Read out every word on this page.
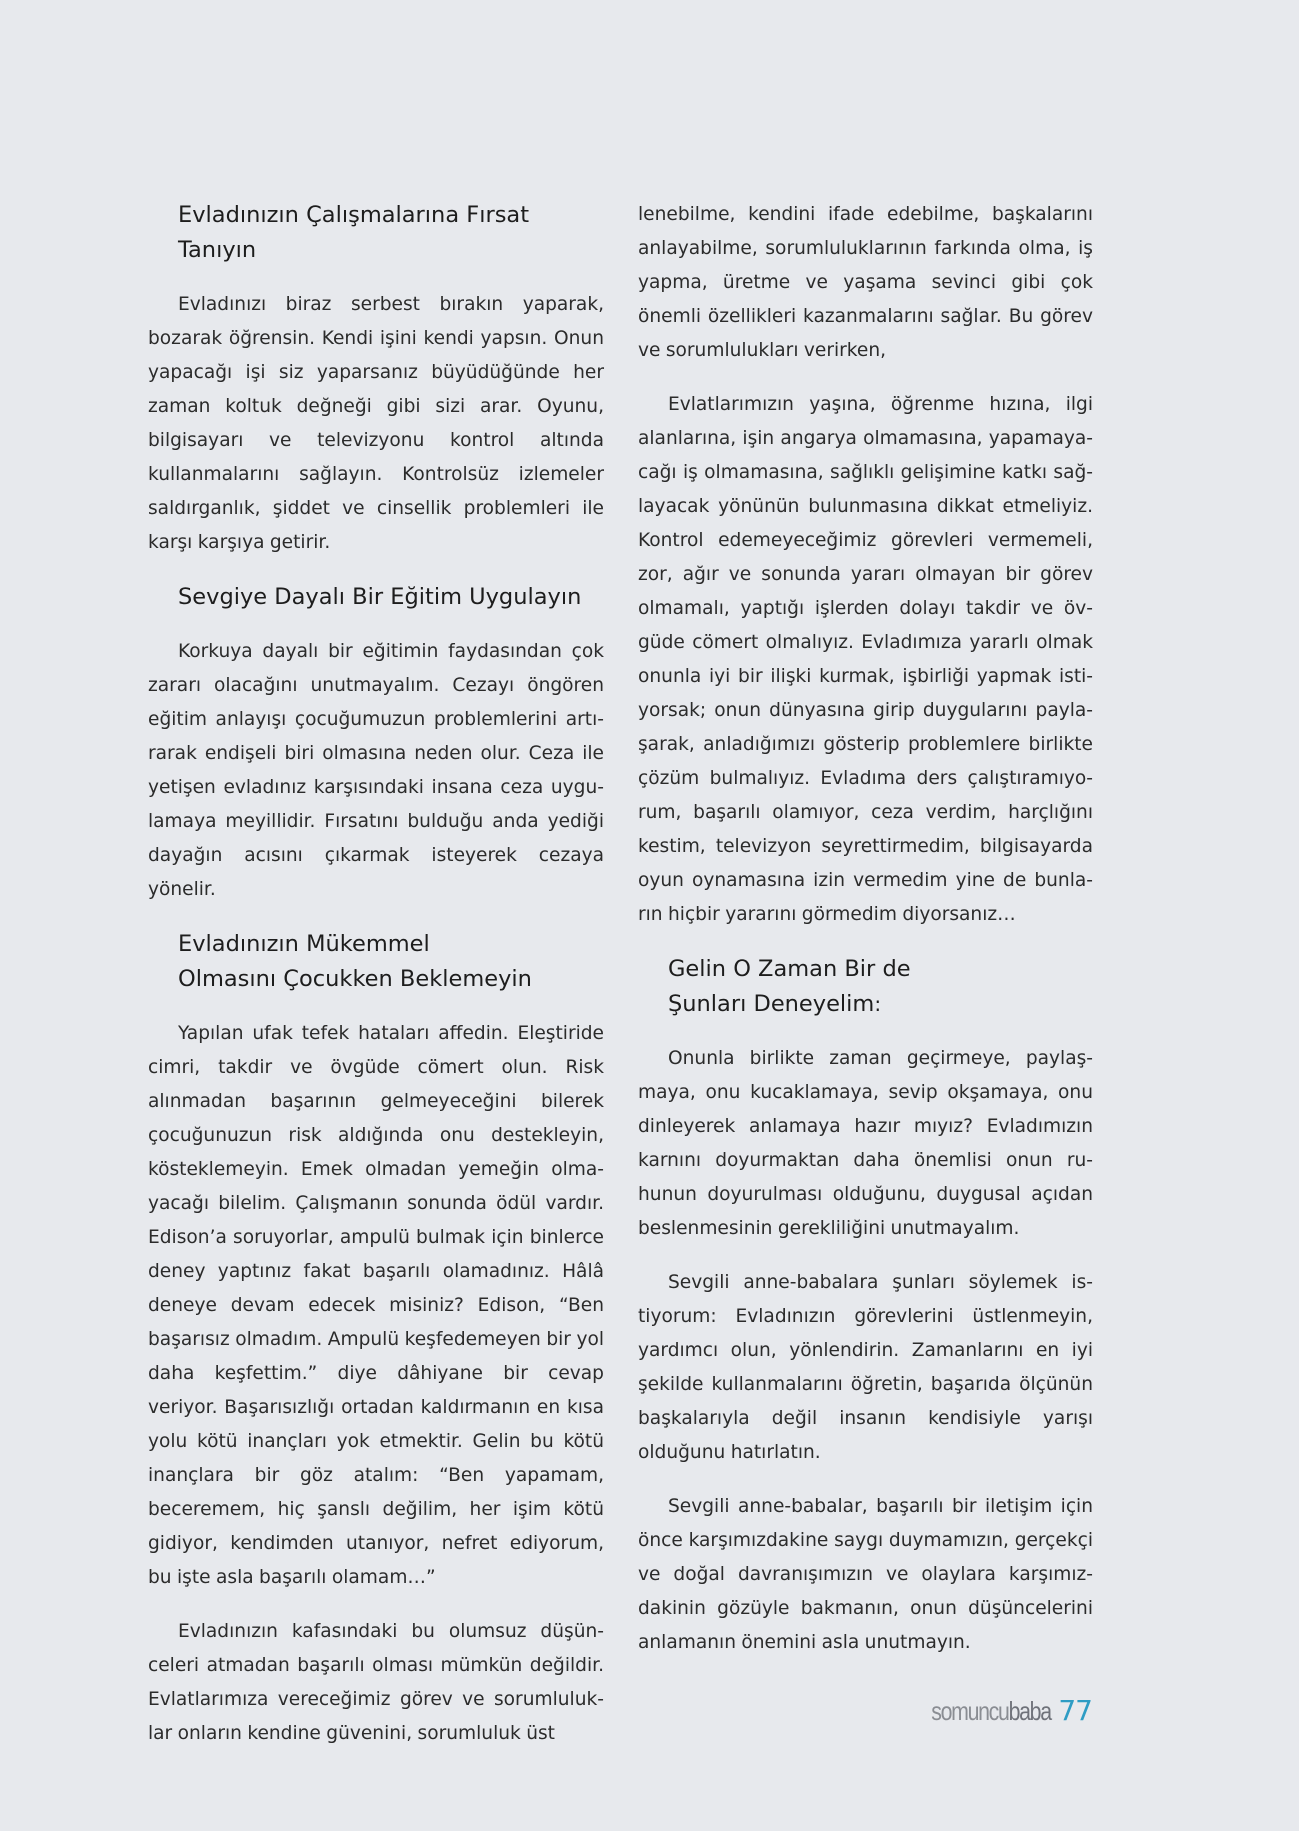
Evladınızın Çalışmalarına Fırsat Tanıyın

Evladınızı biraz serbest bırakın yaparak, bozarak öğrensin. Kendi işini kendi yapsın. Onun yapacağı işi siz yaparsanız büyüdüğünde her zaman koltuk değneği gibi sizi arar. Oyunu, bilgisayarı ve televizyonu kontrol altında kullanmalarını sağlayın. Kontrolsüz izlemeler saldırganlık, şiddet ve cinsellik problemleri ile karşı karşıya getirir.

Sevgiye Dayalı Bir Eğitim Uygulayın

Korkuya dayalı bir eğitimin faydasından çok zararı olacağını unutmayalım. Cezayı öngören eğitim anlayışı çocuğumuzun problemlerini artırarak endişeli biri olmasına neden olur. Ceza ile yetişen evladınız karşısındaki insana ceza uygulamaya meyillidir. Fırsatını bulduğu anda yediği dayağın acısını çıkarmak isteyerek cezaya yönelir.

Evladınızın Mükemmel
Olmasını Çocukken Beklemeyin

Yapılan ufak tefek hataları affedin. Eleştiride cimri, takdir ve övgüde cömert olun. Risk alınmadan başarının gelmeyeceğini bilerek çocuğunuzun risk aldığında onu destekleyin, kösteklemeyin. Emek olmadan yemeğin olmayacağı bilelim. Çalışmanın sonunda ödül vardır. Edison’a soruyorlar, ampulü bulmak için binlerce deney yaptınız fakat başarılı olamadınız. Hâlâ deneye devam edecek misiniz? Edison, “Ben başarısız olmadım. Ampulü keşfedemeyen bir yol daha keşfettim.” diye dâhiyane bir cevap veriyor. Başarısızlığı ortadan kaldırmanın en kısa yolu kötü inançları yok etmektir. Gelin bu kötü inançlara bir göz atalım: “Ben yapamam, beceremem, hiç şanslı değilim, her işim kötü gidiyor, kendimden utanıyor, nefret ediyorum, bu işte asla başarılı olamam…”

Evladınızın kafasındaki bu olumsuz düşünceleri atmadan başarılı olması mümkün değildir. Evlatlarımıza vereceğimiz görev ve sorumluluklar onların kendine güvenini, sorumluluk üst

lenebilme, kendini ifade edebilme, başkalarını anlayabilme, sorumluluklarının farkında olma, iş yapma, üretme ve yaşama sevinci gibi çok önemli özellikleri kazanmalarını sağlar. Bu görev ve sorumlulukları verirken,

Evlatlarımızın yaşına, öğrenme hızına, ilgi alanlarına, işin angarya olmamasına, yapamayacağı iş olmamasına, sağlıklı gelişimine katkı sağlayacak yönünün bulunmasına dikkat etmeliyiz. Kontrol edemeyeceğimiz görevleri vermemeli, zor, ağır ve sonunda yararı olmayan bir görev olmamalı, yaptığı işlerden dolayı takdir ve övgüde cömert olmalıyız. Evladımıza yararlı olmak onunla iyi bir ilişki kurmak, işbirliği yapmak istiyorsak; onun dünyasına girip duygularını paylaşarak, anladığımızı gösterip problemlere birlikte çözüm bulmalıyız. Evladıma ders çalıştıramıyorum, başarılı olamıyor, ceza verdim, harçlığını kestim, televizyon seyrettirmedim, bilgisayarda oyun oynamasına izin vermedim yine de bunların hiçbir yararını görmedim diyorsanız…

Gelin O Zaman Bir de
Şunları Deneyelim:

Onunla birlikte zaman geçirmeye, paylaşmaya, onu kucaklamaya, sevip okşamaya, onu dinleyerek anlamaya hazır mıyız? Evladımızın karnını doyurmaktan daha önemlisi onun ruhunun doyurulması olduğunu, duygusal açıdan beslenmesinin gerekliliğini unutmayalım.

Sevgili anne-babalara şunları söylemek istiyorum: Evladınızın görevlerini üstlenmeyin, yardımcı olun, yönlendirin. Zamanlarını en iyi şekilde kullanmalarını öğretin, başarıda ölçünün başkalarıyla değil insanın kendisiyle yarışı olduğunu hatırlatın.

Sevgili anne-babalar, başarılı bir iletişim için önce karşımızdakine saygı duymamızın, gerçekçi ve doğal davranışımızın ve olaylara karşımızdakinin gözüyle bakmanın, onun düşüncelerini anlamanın önemini asla unutmayın.

somuncubaba 77
